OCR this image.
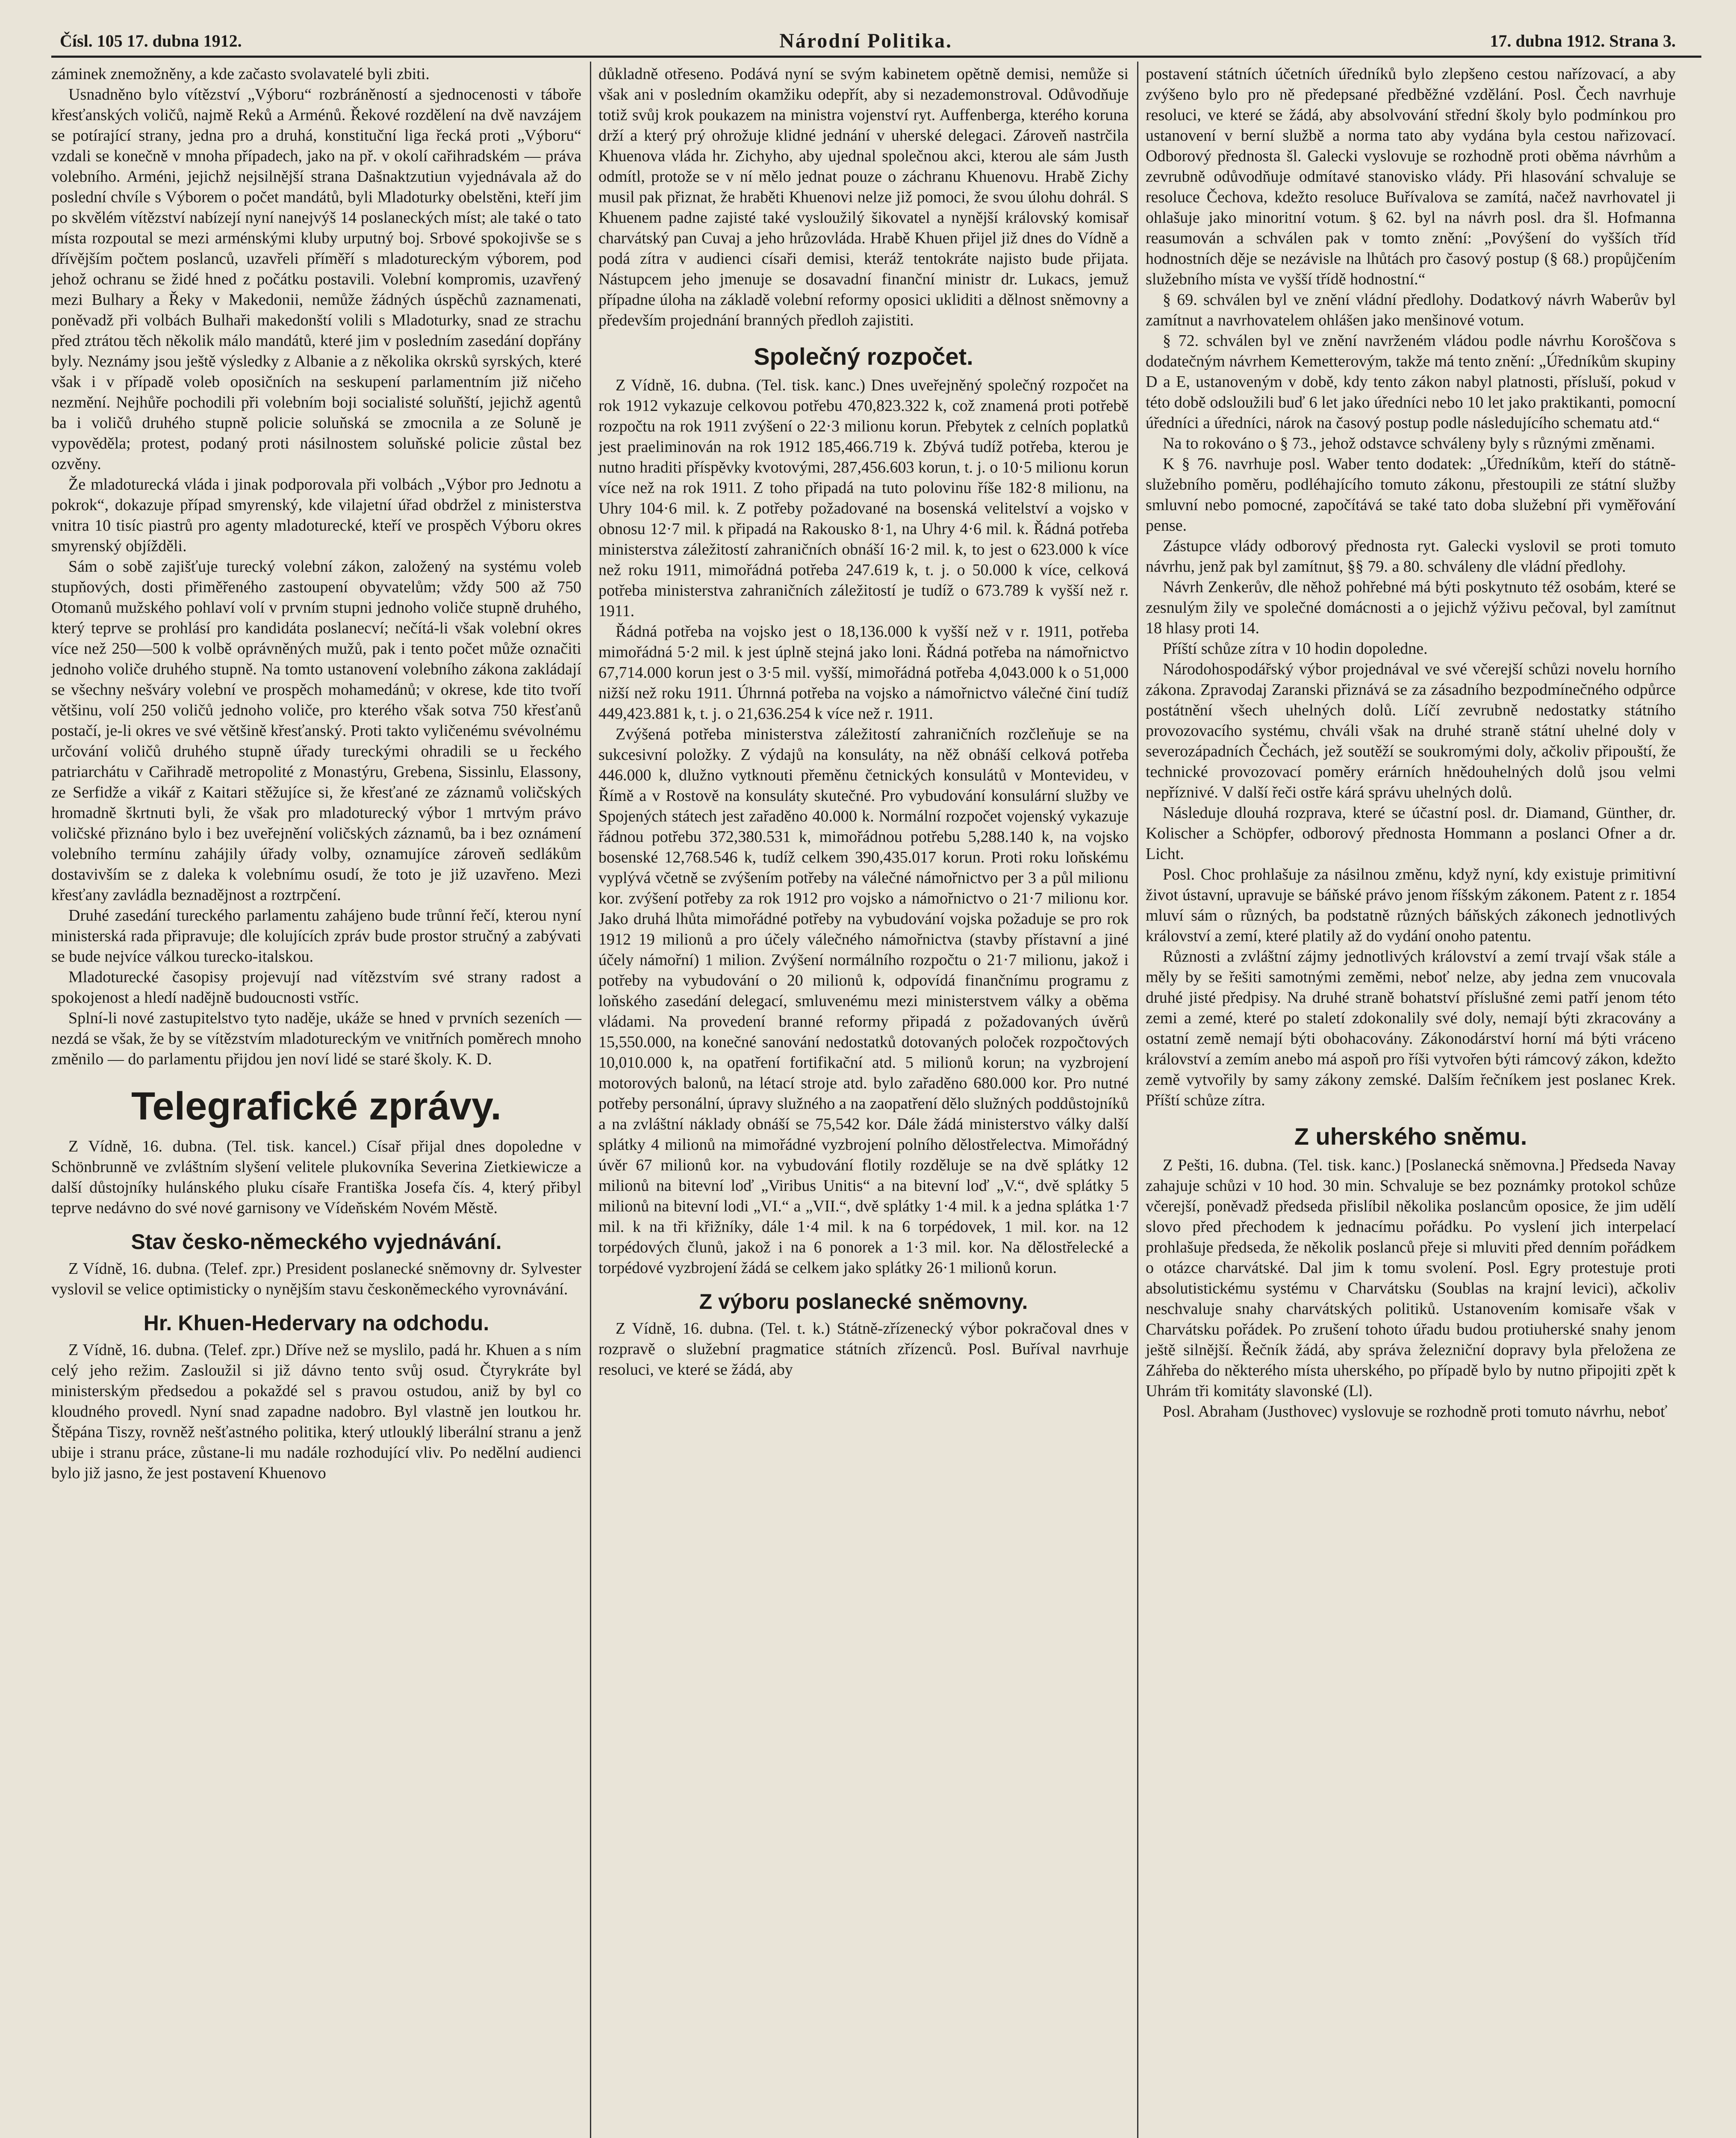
Čísl. 105 17. dubna 1912.	Národní Politika.	17. dubna 1912. Strana 3.

záminek znemožněny, a kde začasto svolavatelé byli zbiti.

Usnadněno bylo vítězství „Výboru“ rozbráněností a sjednocenosti v táboře křesťanských voličů, najmě Reků a Arménů. Řekové rozdělení na dvě navzájem se potírající strany, jedna pro a druhá, konstituční liga řecká proti „Výboru“ vzdali se konečně v mnoha případech, jako na př. v okolí cařihradském — práva volebního. Arméni, jejichž nejsilnější strana Dašnaktzutiun vyjednávala až do poslední chvíle s Výborem o počet mandátů, byli Mladoturky obelstěni, kteří jim po skvělém vítězství nabízejí nyní nanejvýš 14 poslaneckých míst; ale také o tato místa rozpoutal se mezi arménskými kluby urputný boj. Srbové spokojivše se s dřívějším počtem poslanců, uzavřeli příměří s mladotureckým výborem, pod jehož ochranu se židé hned z počátku postavili. Volební kompromis, uzavřený mezi Bulhary a Řeky v Makedonii, nemůže žádných úspěchů zaznamenati, poněvadž při volbách Bulhaři makedonští volili s Mladoturky, snad ze strachu před ztrátou těch několik málo mandátů, které jim v posledním zasedání dopřány byly. Neznámy jsou ještě výsledky z Albanie a z několika okrsků syrských, které však i v případě voleb oposičních na seskupení parlamentním již ničeho nezmění. Nejhůře pochodili při volebním boji socialisté soluňští, jejichž agentů ba i voličů druhého stupně policie soluňská se zmocnila a ze Soluně je vypověděla; protest, podaný proti násilnostem soluňské policie zůstal bez ozvěny.

Že mladoturecká vláda i jinak podporovala při volbách „Výbor pro Jednotu a pokrok“, dokazuje případ smyrenský, kde vilajetní úřad obdržel z ministerstva vnitra 10 tisíc piastrů pro agenty mladoturecké, kteří ve prospěch Výboru okres smyrenský objížděli.

Sám o sobě zajišťuje turecký volební zákon, založený na systému voleb stupňových, dosti přiměřeného zastoupení obyvatelům; vždy 500 až 750 Otomanů mužského pohlaví volí v prvním stupni jednoho voliče stupně druhého, který teprve se prohlásí pro kandidáta poslanecví; nečítá-li však volební okres více než 250—500 k volbě oprávněných mužů, pak i tento počet může označiti jednoho voliče druhého stupně. Na tomto ustanovení volebního zákona zakládají se všechny nešváry volební ve prospěch mohamedánů; v okrese, kde tito tvoří většinu, volí 250 voličů jednoho voliče, pro kterého však sotva 750 křesťanů postačí, je-li okres ve své většině křesťanský. Proti takto vyličenému svévolnému určování voličů druhého stupně úřady tureckými ohradili se u řeckého patriarchátu v Cařihradě metropolité z Monastýru, Grebena, Sissinlu, Elassony, ze Serfidže a vikář z Kaitari stěžujíce si, že křesťané ze záznamů voličských hromadně škrtnuti byli, že však pro mladoturecký výbor 1 mrtvým právo voličské přiznáno bylo i bez uveřejnění voličských záznamů, ba i bez oznámení volebního termínu zahájily úřady volby, oznamujíce zároveň sedlákům dostavivším se z daleka k volebnímu osudí, že toto je již uzavřeno. Mezi křesťany zavládla beznadějnost a roztrpčení.

Druhé zasedání tureckého parlamentu zahájeno bude trůnní řečí, kterou nyní ministerská rada připravuje; dle kolujících zpráv bude prostor stručný a zabývati se bude nejvíce válkou turecko-italskou.

Mladoturecké časopisy projevují nad vítězstvím své strany radost a spokojenost a hledí nadějně budoucnosti vstříc.

Splní-li nové zastupitelstvo tyto naděje, ukáže se hned v prvních sezeních — nezdá se však, že by se vítězstvím mladotureckým ve vnitřních poměrech mnoho změnilo — do parlamentu přijdou jen noví lidé se staré školy. K. D.

Telegrafické zprávy.

Z Vídně, 16. dubna. (Tel. tisk. kancel.) Císař přijal dnes dopoledne v Schönbrunně ve zvláštním slyšení velitele plukovníka Severina Zietkiewicze a další důstojníky hulánského pluku císaře Františka Josefa čís. 4, který přibyl teprve nedávno do své nové garnisony ve Vídeňském Novém Městě.

Stav česko-německého vyjednávání.

Z Vídně, 16. dubna. (Telef. zpr.) President poslanecké sněmovny dr. Sylvester vyslovil se velice optimisticky o nynějším stavu českoněmeckého vyrovnávání.

Hr. Khuen-Hedervary na odchodu.

Z Vídně, 16. dubna. (Telef. zpr.) Dříve než se myslilo, padá hr. Khuen a s ním celý jeho režim. Zasloužil si již dávno tento svůj osud. Čtyrykráte byl ministerským předsedou a pokaždé sel s pravou ostudou, aniž by byl co kloudného provedl. Nyní snad zapadne nadobro. Byl vlastně jen loutkou hr. Štěpána Tiszy, rovněž nešťastného politika, který utlouklý liberální stranu a jenž ubije i stranu práce, zůstane-li mu nadále rozhodující vliv. Po nedělní audienci bylo již jasno, že jest postavení Khuenovo

důkladně otřeseno. Podává nyní se svým kabinetem opětně demisi, nemůže si však ani v posledním okamžiku odepřít, aby si nezademonstroval. Odůvodňuje totiž svůj krok poukazem na ministra vojenství ryt. Auffenberga, kterého koruna drží a který prý ohrožuje klidné jednání v uherské delegaci. Zároveň nastrčila Khuenova vláda hr. Zichyho, aby ujednal společnou akci, kterou ale sám Justh odmítl, protože se v ní mělo jednat pouze o záchranu Khuenovu. Hrabě Zichy musil pak přiznat, že hraběti Khuenovi nelze již pomoci, že svou úlohu dohrál. S Khuenem padne zajisté také vysloužilý šikovatel a nynější královský komisař charvátský pan Cuvaj a jeho hrůzovláda. Hrabě Khuen přijel již dnes do Vídně a podá zítra v audienci císaři demisi, kteráž tentokráte najisto bude přijata. Nástupcem jeho jmenuje se dosavadní finanční ministr dr. Lukacs, jemuž případne úloha na základě volební reformy oposici ukliditi a dělnost sněmovny a především projednání branných předloh zajistiti.

Společný rozpočet.

Z Vídně, 16. dubna. (Tel. tisk. kanc.) Dnes uveřejněný společný rozpočet na rok 1912 vykazuje celkovou potřebu 470,823.322 k, což znamená proti potřebě rozpočtu na rok 1911 zvýšení o 22·3 milionu korun. Přebytek z celních poplatků jest praeliminován na rok 1912 185,466.719 k. Zbývá tudíž potřeba, kterou je nutno hraditi příspěvky kvotovými, 287,456.603 korun, t. j. o 10·5 milionu korun více než na rok 1911. Z toho připadá na tuto polovinu říše 182·8 milionu, na Uhry 104·6 mil. k. Z potřeby požadované na bosenská velitelství a vojsko v obnosu 12·7 mil. k připadá na Rakousko 8·1, na Uhry 4·6 mil. k. Řádná potřeba ministerstva záležitostí zahraničních obnáší 16·2 mil. k, to jest o 623.000 k více než roku 1911, mimořádná potřeba 247.619 k, t. j. o 50.000 k více, celková potřeba ministerstva zahraničních záležitostí je tudíž o 673.789 k vyšší než r. 1911.

Řádná potřeba na vojsko jest o 18,136.000 k vyšší než v r. 1911, potřeba mimořádná 5·2 mil. k jest úplně stejná jako loni. Řádná potřeba na námořnictvo 67,714.000 korun jest o 3·5 mil. vyšší, mimořádná potřeba 4,043.000 k o 51,000 nižší než roku 1911. Úhrnná potřeba na vojsko a námořnictvo válečné činí tudíž 449,423.881 k, t. j. o 21,636.254 k více než r. 1911.

Zvýšená potřeba ministerstva záležitostí zahraničních rozčleňuje se na sukcesivní položky. Z výdajů na konsuláty, na něž obnáší celková potřeba 446.000 k, dlužno vytknouti přeměnu četnických konsulátů v Montevideu, v Římě a v Rostově na konsuláty skutečné. Pro vybudování konsulární služby ve Spojených státech jest zařaděno 40.000 k. Normální rozpočet vojenský vykazuje řádnou potřebu 372,380.531 k, mimořádnou potřebu 5,288.140 k, na vojsko bosenské 12,768.546 k, tudíž celkem 390,435.017 korun. Proti roku loňskému vyplývá včetně se zvýšením potřeby na válečné námořnictvo per 3 a půl milionu kor. zvýšení potřeby za rok 1912 pro vojsko a námořnictvo o 21·7 milionu kor. Jako druhá lhůta mimořádné potřeby na vybudování vojska požaduje se pro rok 1912 19 milionů a pro účely válečného námořnictva (stavby přístavní a jiné účely námořní) 1 milion. Zvýšení normálního rozpočtu o 21·7 milionu, jakož i potřeby na vybudování o 20 milionů k, odpovídá finančnímu programu z loňského zasedání delegací, smluvenému mezi ministerstvem války a oběma vládami. Na provedení branné reformy připadá z požadovaných úvěrů 15,550.000, na konečné sanování nedostatků dotovaných poloček rozpočtových 10,010.000 k, na opatření fortifikační atd. 5 milionů korun; na vyzbrojení motorových balonů, na létací stroje atd. bylo zařaděno 680.000 kor. Pro nutné potřeby personální, úpravy služného a na zaopatření dělo služných poddůstojníků a na zvláštní náklady obnáší se 75,542 kor. Dále žádá ministerstvo války další splátky 4 milionů na mimořádné vyzbrojení polního dělostřelectva. Mimořádný úvěr 67 milionů kor. na vybudování flotily rozděluje se na dvě splátky 12 milionů na bitevní loď „Viribus Unitis“ a na bitevní loď „V.“, dvě splátky 5 milionů na bitevní lodi „VI.“ a „VII.“, dvě splátky 1·4 mil. k a jedna splátka 1·7 mil. k na tři křižníky, dále 1·4 mil. k na 6 torpédovek, 1 mil. kor. na 12 torpédových člunů, jakož i na 6 ponorek a 1·3 mil. kor. Na dělostřelecké a torpédové vyzbrojení žádá se celkem jako splátky 26·1 milionů korun.

Z výboru poslanecké sněmovny.

Z Vídně, 16. dubna. (Tel. t. k.) Státně-zřízenecký výbor pokračoval dnes v rozpravě o služební pragmatice státních zřízenců. Posl. Buříval navrhuje resoluci, ve které se žádá, aby

postavení státních účetních úředníků bylo zlepšeno cestou nařízovací, a aby zvýšeno bylo pro ně předepsané předběžné vzdělání. Posl. Čech navrhuje resoluci, ve které se žádá, aby absolvování střední školy bylo podmínkou pro ustanovení v berní službě a norma tato aby vydána byla cestou nařizovací. Odborový přednosta šl. Galecki vyslovuje se rozhodně proti oběma návrhům a zevrubně odůvodňuje odmítavé stanovisko vlády. Při hlasování schvaluje se resoluce Čechova, kdežto resoluce Buřívalova se zamítá, načež navrhovatel ji ohlašuje jako minoritní votum. § 62. byl na návrh posl. dra šl. Hofmanna reasumován a schválen pak v tomto znění: „Povýšení do vyšších tříd hodnostních děje se nezávisle na lhůtách pro časový postup (§ 68.) propůjčením služebního místa ve vyšší třídě hodnostní.“

§ 69. schválen byl ve znění vládní předlohy. Dodatkový návrh Waberův byl zamítnut a navrhovatelem ohlášen jako menšinové votum.

§ 72. schválen byl ve znění navrženém vládou podle návrhu Koroščova s dodatečným návrhem Kemetterovým, takže má tento znění: „Úředníkům skupiny D a E, ustanoveným v době, kdy tento zákon nabyl platnosti, přísluší, pokud v této době odsloužili buď 6 let jako úředníci nebo 10 let jako praktikanti, pomocní úředníci a úředníci, nárok na časový postup podle následujícího schematu atd.“

Na to rokováno o § 73., jehož odstavce schváleny byly s různými změnami.

K § 76. navrhuje posl. Waber tento dodatek: „Úředníkům, kteří do státně-služebního poměru, podléhajícího tomuto zákonu, přestoupili ze státní služby smluvní nebo pomocné, započítává se také tato doba služební při vyměřování pense.

Zástupce vlády odborový přednosta ryt. Galecki vyslovil se proti tomuto návrhu, jenž pak byl zamítnut, §§ 79. a 80. schváleny dle vládní předlohy.

Návrh Zenkerův, dle něhož pohřebné má býti poskytnuto též osobám, které se zesnulým žily ve společné domácnosti a o jejichž výživu pečoval, byl zamítnut 18 hlasy proti 14.

Příští schůze zítra v 10 hodin dopoledne.

Národohospodářský výbor projednával ve své včerejší schůzi novelu horního zákona. Zpravodaj Zaranski přiznává se za zásadního bezpodmínečného odpůrce postátnění všech uhelných dolů. Líčí zevrubně nedostatky státního provozovacího systému, chváli však na druhé straně státní uhelné doly v severozápadních Čechách, jež soutěží se soukromými doly, ačkoliv připouští, že technické provozovací poměry erárních hnědouhelných dolů jsou velmi nepříznivé. V další řeči ostře kárá správu uhelných dolů.

Následuje dlouhá rozprava, které se účastní posl. dr. Diamand, Günther, dr. Kolischer a Schöpfer, odborový přednosta Hommann a poslanci Ofner a dr. Licht.

Posl. Choc prohlašuje za násilnou změnu, když nyní, kdy existuje primitivní život ústavní, upravuje se báňské právo jenom říšským zákonem. Patent z r. 1854 mluví sám o různých, ba podstatně různých báňských zákonech jednotlivých království a zemí, které platily až do vydání onoho patentu.

Různosti a zvláštní zájmy jednotlivých království a zemí trvají však stále a měly by se řešiti samotnými zeměmi, neboť nelze, aby jedna zem vnucovala druhé jisté předpisy. Na druhé straně bohatství příslušné zemi patří jenom této zemi a zemé, které po staletí zdokonalily své doly, nemají býti zkracovány a ostatní země nemají býti obohacovány. Zákonodárství horní má býti vráceno království a zemím anebo má aspoň pro říši vytvořen býti rámcový zákon, kdežto země vytvořily by samy zákony zemské. Dalším řečníkem jest poslanec Krek. Příští schůze zítra.

Z uherského sněmu.

Z Pešti, 16. dubna. (Tel. tisk. kanc.) [Poslanecká sněmovna.] Předseda Navay zahajuje schůzi v 10 hod. 30 min. Schvaluje se bez poznámky protokol schůze včerejší, poněvadž předseda přislíbil několika poslancům oposice, že jim udělí slovo před přechodem k jednacímu pořádku. Po vyslení jich interpelací prohlašuje předseda, že několik poslanců přeje si mluviti před denním pořádkem o otázce charvátské. Dal jim k tomu svolení. Posl. Egry protestuje proti absolutistickému systému v Charvátsku (Soublas na krajní levici), ačkoliv neschvaluje snahy charvátských politiků. Ustanovením komisaře však v Charvátsku pořádek. Po zrušení tohoto úřadu budou protiuherské snahy jenom ještě silnější. Řečník žádá, aby správa železniční dopravy byla přeložena ze Záhřeba do některého místa uherského, po případě bylo by nutno připojiti zpět k Uhrám tři komitáty slavonské (Ll).

Posl. Abraham (Justhovec) vyslovuje se rozhodně proti tomuto návrhu, neboť
